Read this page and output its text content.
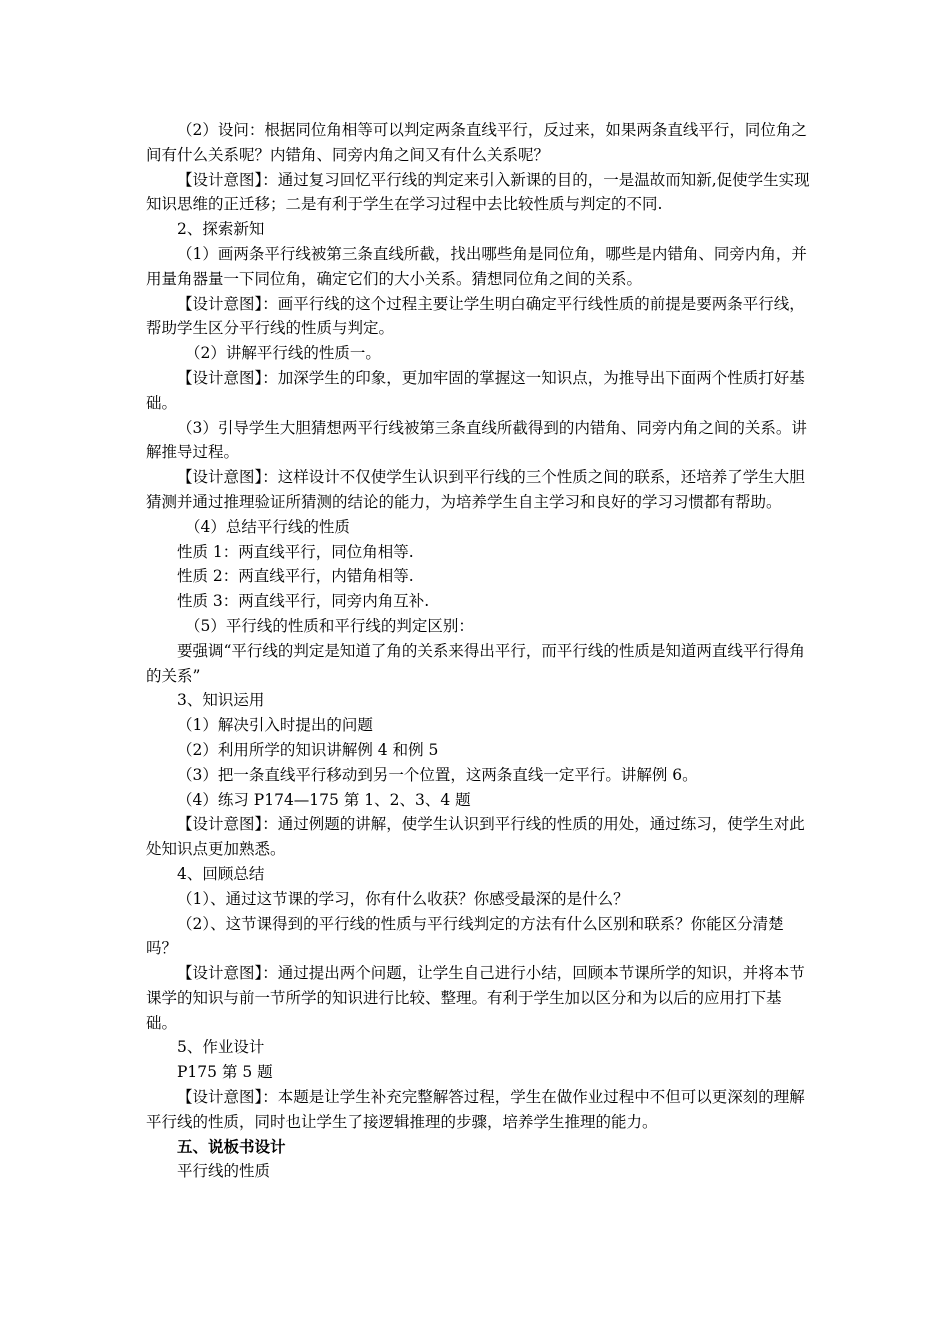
（2）设问：根据同位角相等可以判定两条直线平行，反过来，如果两条直线平行，同位角之间有什么关系呢？内错角、同旁内角之间又有什么关系呢？

【设计意图】：通过复习回忆平行线的判定来引入新课的目的，一是温故而知新,促使学生实现知识思维的正迁移；二是有利于学生在学习过程中去比较性质与判定的不同.

2、探索新知

（1）画两条平行线被第三条直线所截，找出哪些角是同位角，哪些是内错角、同旁内角，并用量角器量一下同位角，确定它们的大小关系。猜想同位角之间的关系。

【设计意图】：画平行线的这个过程主要让学生明白确定平行线性质的前提是要两条平行线，帮助学生区分平行线的性质与判定。

（2）讲解平行线的性质一。

【设计意图】：加深学生的印象，更加牢固的掌握这一知识点，为推导出下面两个性质打好基础。

（3）引导学生大胆猜想两平行线被第三条直线所截得到的内错角、同旁内角之间的关系。讲解推导过程。

【设计意图】：这样设计不仅使学生认识到平行线的三个性质之间的联系，还培养了学生大胆猜测并通过推理验证所猜测的结论的能力，为培养学生自主学习和良好的学习习惯都有帮助。

（4）总结平行线的性质

性质 1：两直线平行，同位角相等.

性质 2：两直线平行，内错角相等.

性质 3：两直线平行，同旁内角互补.

（5）平行线的性质和平行线的判定区别：

要强调“平行线的判定是知道了角的关系来得出平行，而平行线的性质是知道两直线平行得角的关系”

3、知识运用

（1）解决引入时提出的问题

（2）利用所学的知识讲解例 4 和例 5

（3）把一条直线平行移动到另一个位置，这两条直线一定平行。讲解例 6。

（4）练习 P174—175 第 1、2、3、4 题

【设计意图】：通过例题的讲解，使学生认识到平行线的性质的用处，通过练习，使学生对此处知识点更加熟悉。

4、回顾总结

（1）、通过这节课的学习，你有什么收获？你感受最深的是什么？

（2）、这节课得到的平行线的性质与平行线判定的方法有什么区别和联系？你能区分清楚吗？

【设计意图】：通过提出两个问题，让学生自己进行小结，回顾本节课所学的知识，并将本节课学的知识与前一节所学的知识进行比较、整理。有利于学生加以区分和为以后的应用打下基础。

5、作业设计

P175 第 5 题

【设计意图】：本题是让学生补充完整解答过程，学生在做作业过程中不但可以更深刻的理解平行线的性质，同时也让学生了接逻辑推理的步骤，培养学生推理的能力。

五、说板书设计

平行线的性质
